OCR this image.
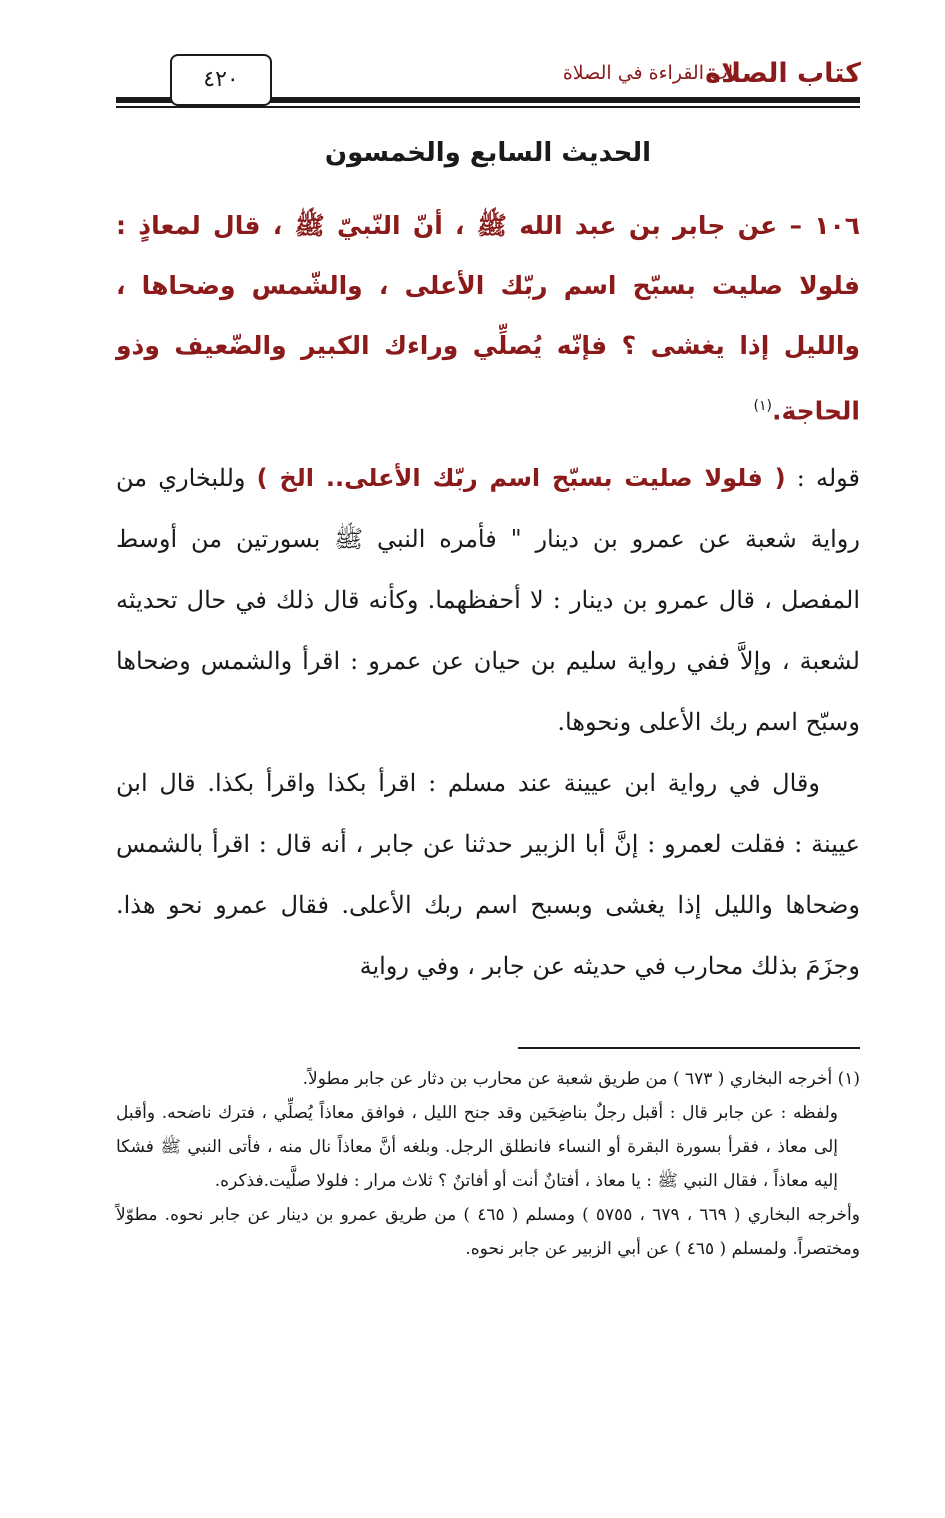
كتاب الصلاة
باب القراءة في الصلاة
٤٢٠
الحديث السابع والخمسون
١٠٦ – عن جابر بن عبد الله ﷺ ، أنّ النّبيّ ﷺ ، قال لمعاذٍ : فلولا صليت بسبّح اسم ربّك الأعلى ، والشّمس وضحاها ، والليل إذا يغشى ؟ فإنّه يُصلِّي وراءك الكبير والضّعيف وذو الحاجة.$^{(١)}$

قوله : ( فلولا صليت بسبّح اسم ربّك الأعلى.. الخ ) وللبخاري من رواية شعبة عن عمرو بن دينار " فأمره النبي ﷺ بسورتين من أوسط المفصل ، قال عمرو بن دينار : لا أحفظهما. وكأنه قال ذلك في حال تحديثه لشعبة ، وإلاَّ ففي رواية سليم بن حيان عن عمرو : اقرأ والشمس وضحاها وسبّح اسم ربك الأعلى ونحوها.

وقال في رواية ابن عيينة عند مسلم : اقرأ بكذا واقرأ بكذا. قال ابن عيينة : فقلت لعمرو : إنَّ أبا الزبير حدثنا عن جابر ، أنه قال : اقرأ بالشمس وضحاها والليل إذا يغشى وبسبح اسم ربك الأعلى. فقال عمرو نحو هذا. وجزَمَ بذلك محارب في حديثه عن جابر ، وفي رواية

(١) أخرجه البخاري ( ٦٧٣ ) من طريق شعبة عن محارب بن دثار عن جابر مطولاً.

ولفظه : عن جابر قال : أقبل رجلٌ بناضِحَين وقد جنح الليل ، فوافق معاذاً يُصلِّي ، فترك ناضحه. وأقبل إلى معاذ ، فقرأ بسورة البقرة أو النساء فانطلق الرجل. وبلغه أنَّ معاذاً نال منه ، فأتى النبي ﷺ فشكا إليه معاذاً ، فقال النبي ﷺ : يا معاذ ، أفتانٌ أنت أو أفاتنٌ ؟ ثلاث مرار : فلولا صلَّيت.فذكره.

وأخرجه البخاري ( ٦٦٩ ، ٦٧٩ ، ٥٧٥٥ ) ومسلم ( ٤٦٥ ) من طريق عمرو بن دينار عن جابر نحوه. مطوّلاً ومختصراً. ولمسلم ( ٤٦٥ ) عن أبي الزبير عن جابر نحوه.
